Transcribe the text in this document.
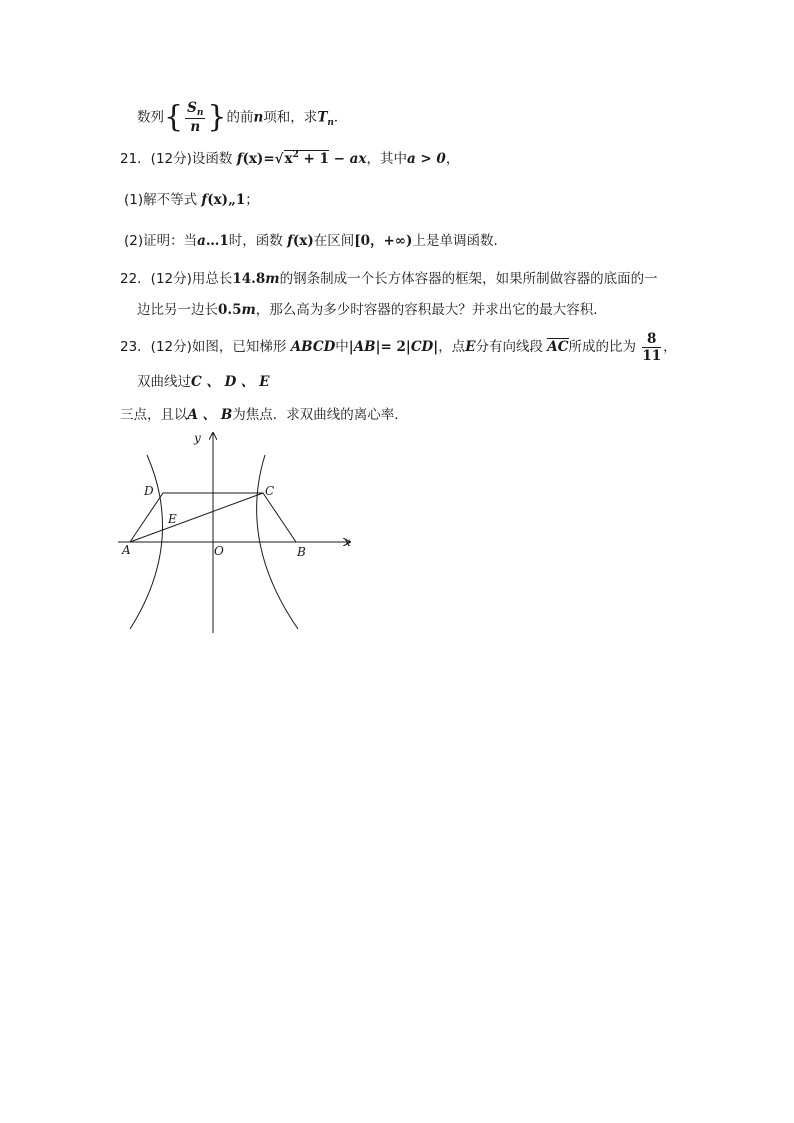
数列{ $\frac{S_n}{n}$ }的前n项和，求$T_n$．
21．(12分)设函数 $f(x)=√x^2 + 1$ − ax，其中a > 0，
(1)解不等式 f(x)„1；
(2)证明：当a…1时，函数 f(x)在区间[0，+∞)上是单调函数．
22．(12分)用总长14.8m的钢条制成一个长方体容器的框架，如果所制做容器的底面的一
边比另一边长0.5m，那么高为多少时容器的容积最大？并求出它的最大容积．
23．(12分)如图，已知梯形 ABCD中|AB|= 2|CD|，点E分有向线段 AC所成的比为 $\frac{8}{11}$ ，
双曲线过C 、 D 、 E
三点，且以A 、 B为焦点．求双曲线的离心率．
y
x
D	C
E
A	O	B
